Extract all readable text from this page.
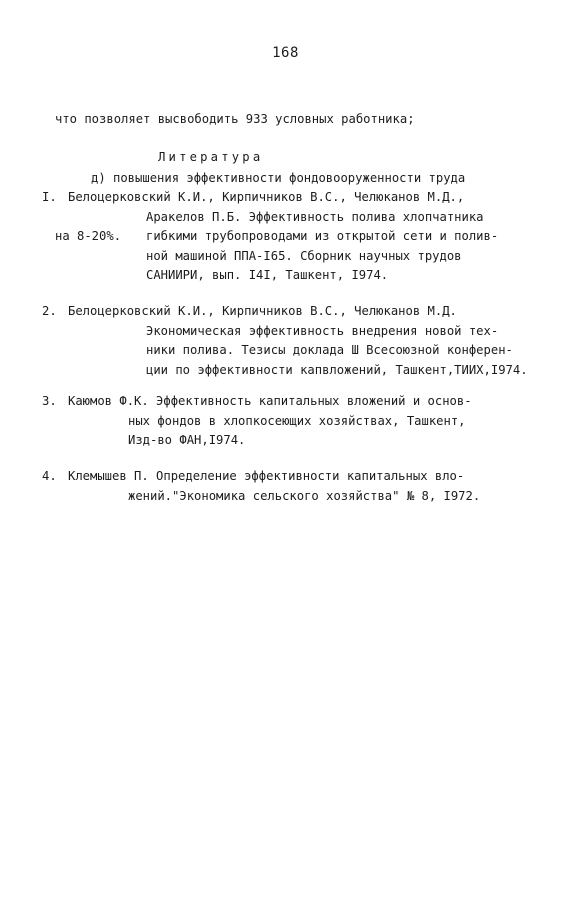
168

что позволяет высвободить 933 условных работника;

д) повышения эффективности фондовооруженности труда

на 8-20%.

Литература
I. Белоцерковский К.И., Кирпичников В.С., Челюканов М.Д.,
Аракелов П.Б. Эффективность полива хлопчатника
гибкими трубопроводами из открытой сети и полив-
ной машиной ППА-I65. Сборник научных трудов
САНИИРИ, вып. I4I, Ташкент, I974.
2. Белоцерковский К.И., Кирпичников В.С., Челюканов М.Д.
Экономическая эффективность внедрения новой тех-
ники полива. Тезисы доклада Ш Всесоюзной конферен-
ции по эффективности капвложений, Ташкент,ТИИХ,I974.
3. Каюмов Ф.К. Эффективность капитальных вложений и основ-
ных фондов в хлопкосеющих хозяйствах, Ташкент,
Изд-во ФАН,I974.
4. Клемышев П. Определение эффективности капитальных вло-
жений."Экономика сельского хозяйства" № 8, I972.
